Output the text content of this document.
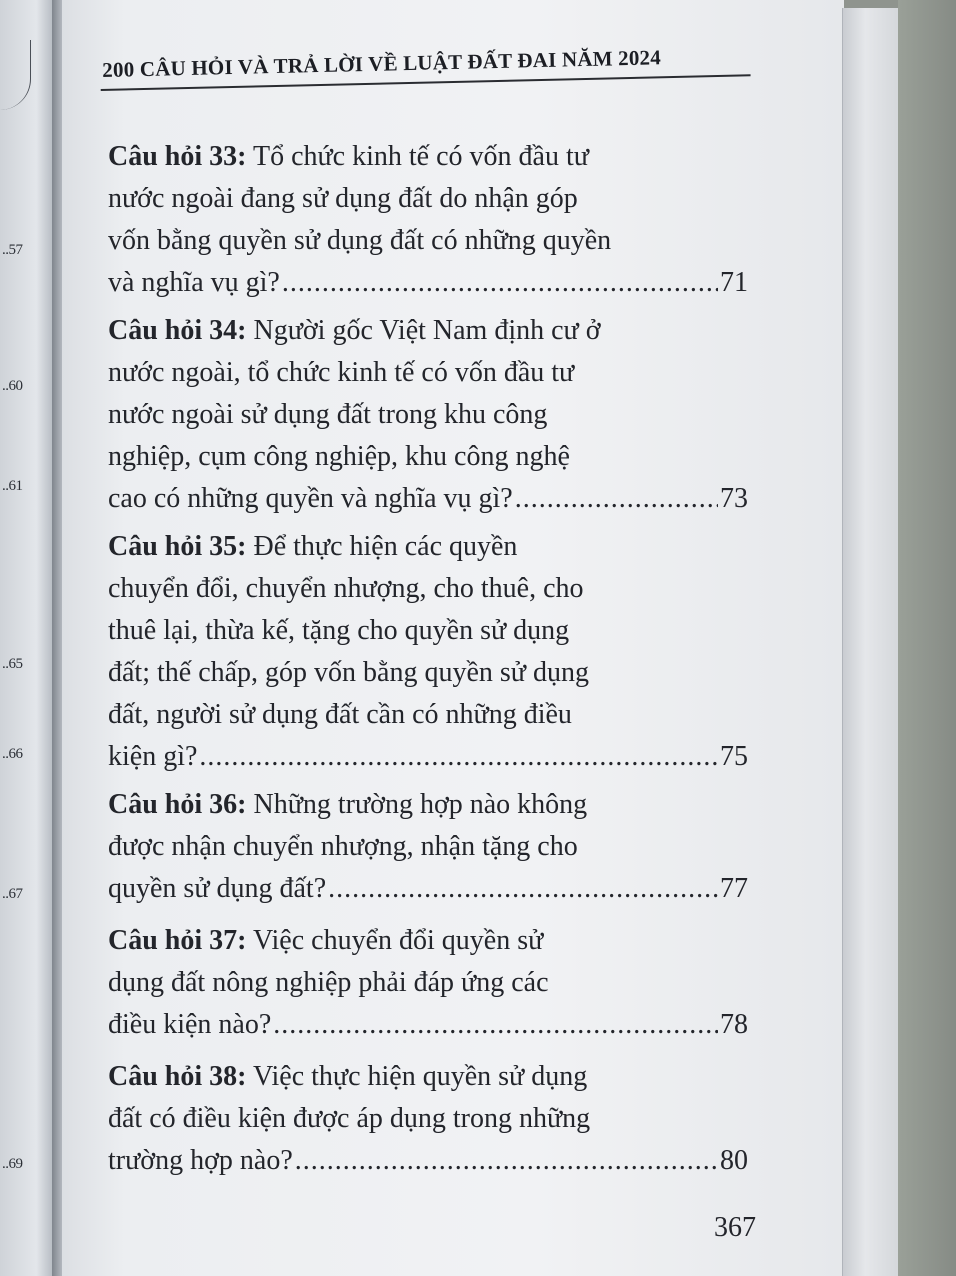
..57
..60
..61
..65
..66
..67
..69
200 CÂU HỎI VÀ TRẢ LỜI VỀ LUẬT ĐẤT ĐAI NĂM 2024
Câu hỏi 33: Tổ chức kinh tế có vốn đầu tư
nước ngoài đang sử dụng đất do nhận góp
vốn bằng quyền sử dụng đất có những quyền
và nghĩa vụ gì? .....	71
Câu hỏi 34: Người gốc Việt Nam định cư ở
nước ngoài, tổ chức kinh tế có vốn đầu tư
nước ngoài sử dụng đất trong khu công
nghiệp, cụm công nghiệp, khu công nghệ
cao có những quyền và nghĩa vụ gì? .....	73
Câu hỏi 35: Để thực hiện các quyền
chuyển đổi, chuyển nhượng, cho thuê, cho
thuê lại, thừa kế, tặng cho quyền sử dụng
đất; thế chấp, góp vốn bằng quyền sử dụng
đất, người sử dụng đất cần có những điều
kiện gì? .....	75
Câu hỏi 36: Những trường hợp nào không
được nhận chuyển nhượng, nhận tặng cho
quyền sử dụng đất? .....	77
Câu hỏi 37: Việc chuyển đổi quyền sử
dụng đất nông nghiệp phải đáp ứng các
điều kiện nào? .....	78
Câu hỏi 38: Việc thực hiện quyền sử dụng
đất có điều kiện được áp dụng trong những
trường hợp nào? .....	80
367
